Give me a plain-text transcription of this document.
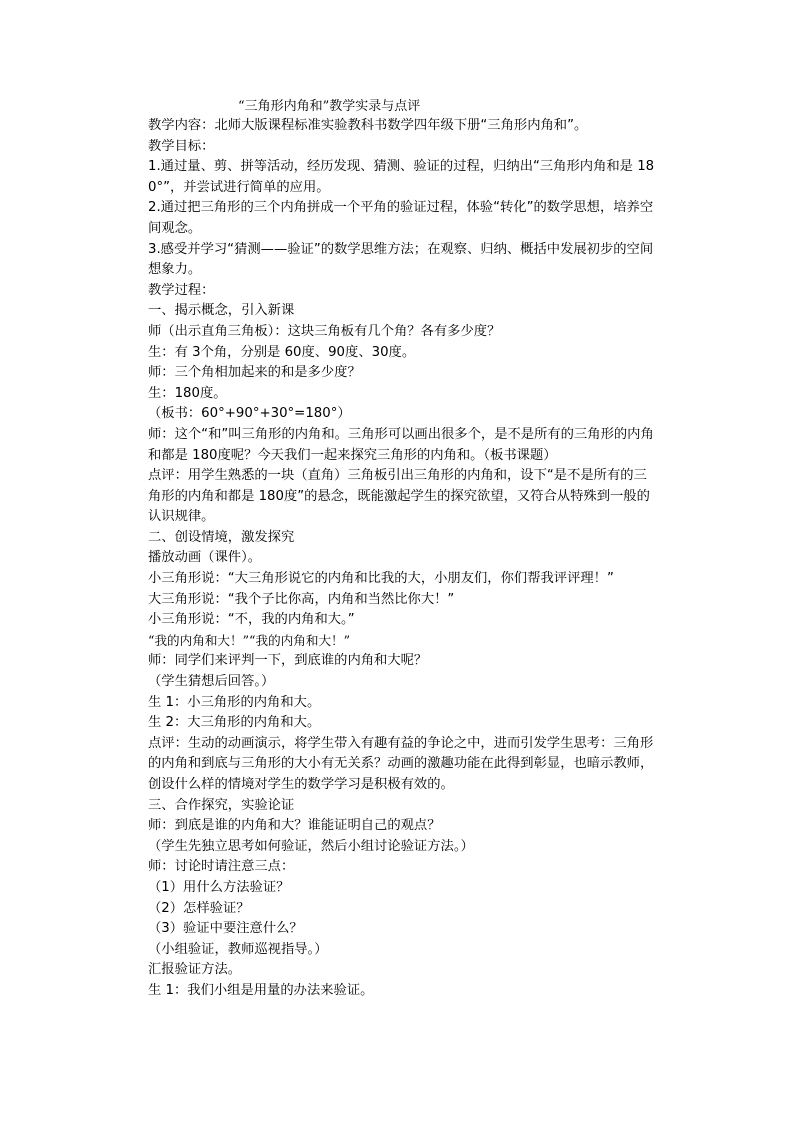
“三角形内角和”教学实录与点评

教学内容：北师大版课程标准实验教科书数学四年级下册“三角形内角和”。

教学目标：

1.通过量、剪、拼等活动，经历发现、猜测、验证的过程，归纳出“三角形内角和是 180°”，并尝试进行简单的应用。

2.通过把三角形的三个内角拼成一个平角的验证过程，体验“转化”的数学思想，培养空间观念。

3.感受并学习“猜测——验证”的数学思维方法；在观察、归纳、概括中发展初步的空间想象力。

教学过程：

一、揭示概念，引入新课

师（出示直角三角板）：这块三角板有几个角？各有多少度？

生：有 3个角，分别是 60度、90度、30度。

师：三个角相加起来的和是多少度？

生：180度。

（板书：60°+90°+30°=180°）

师：这个“和”叫三角形的内角和。三角形可以画出很多个，是不是所有的三角形的内角和都是 180度呢？今天我们一起来探究三角形的内角和。（板书课题）

点评：用学生熟悉的一块（直角）三角板引出三角形的内角和，设下“是不是所有的三角形的内角和都是 180度”的悬念，既能激起学生的探究欲望，又符合从特殊到一般的认识规律。

二、创设情境，激发探究

播放动画（课件）。

小三角形说：“大三角形说它的内角和比我的大，小朋友们，你们帮我评评理！”

大三角形说：“我个子比你高，内角和当然比你大！”

小三角形说：“不，我的内角和大。”

“我的内角和大！”“我的内角和大！”

师：同学们来评判一下，到底谁的内角和大呢？

（学生猜想后回答。）

生 1：小三角形的内角和大。

生 2：大三角形的内角和大。

点评：生动的动画演示，将学生带入有趣有益的争论之中，进而引发学生思考：三角形的内角和到底与三角形的大小有无关系？动画的激趣功能在此得到彰显，也暗示教师，创设什么样的情境对学生的数学学习是积极有效的。

三、合作探究，实验论证

师：到底是谁的内角和大？谁能证明自己的观点？

（学生先独立思考如何验证，然后小组讨论验证方法。）

师：讨论时请注意三点：

（1）用什么方法验证？

（2）怎样验证？

（3）验证中要注意什么？

（小组验证，教师巡视指导。）

汇报验证方法。

生 1：我们小组是用量的办法来验证。
